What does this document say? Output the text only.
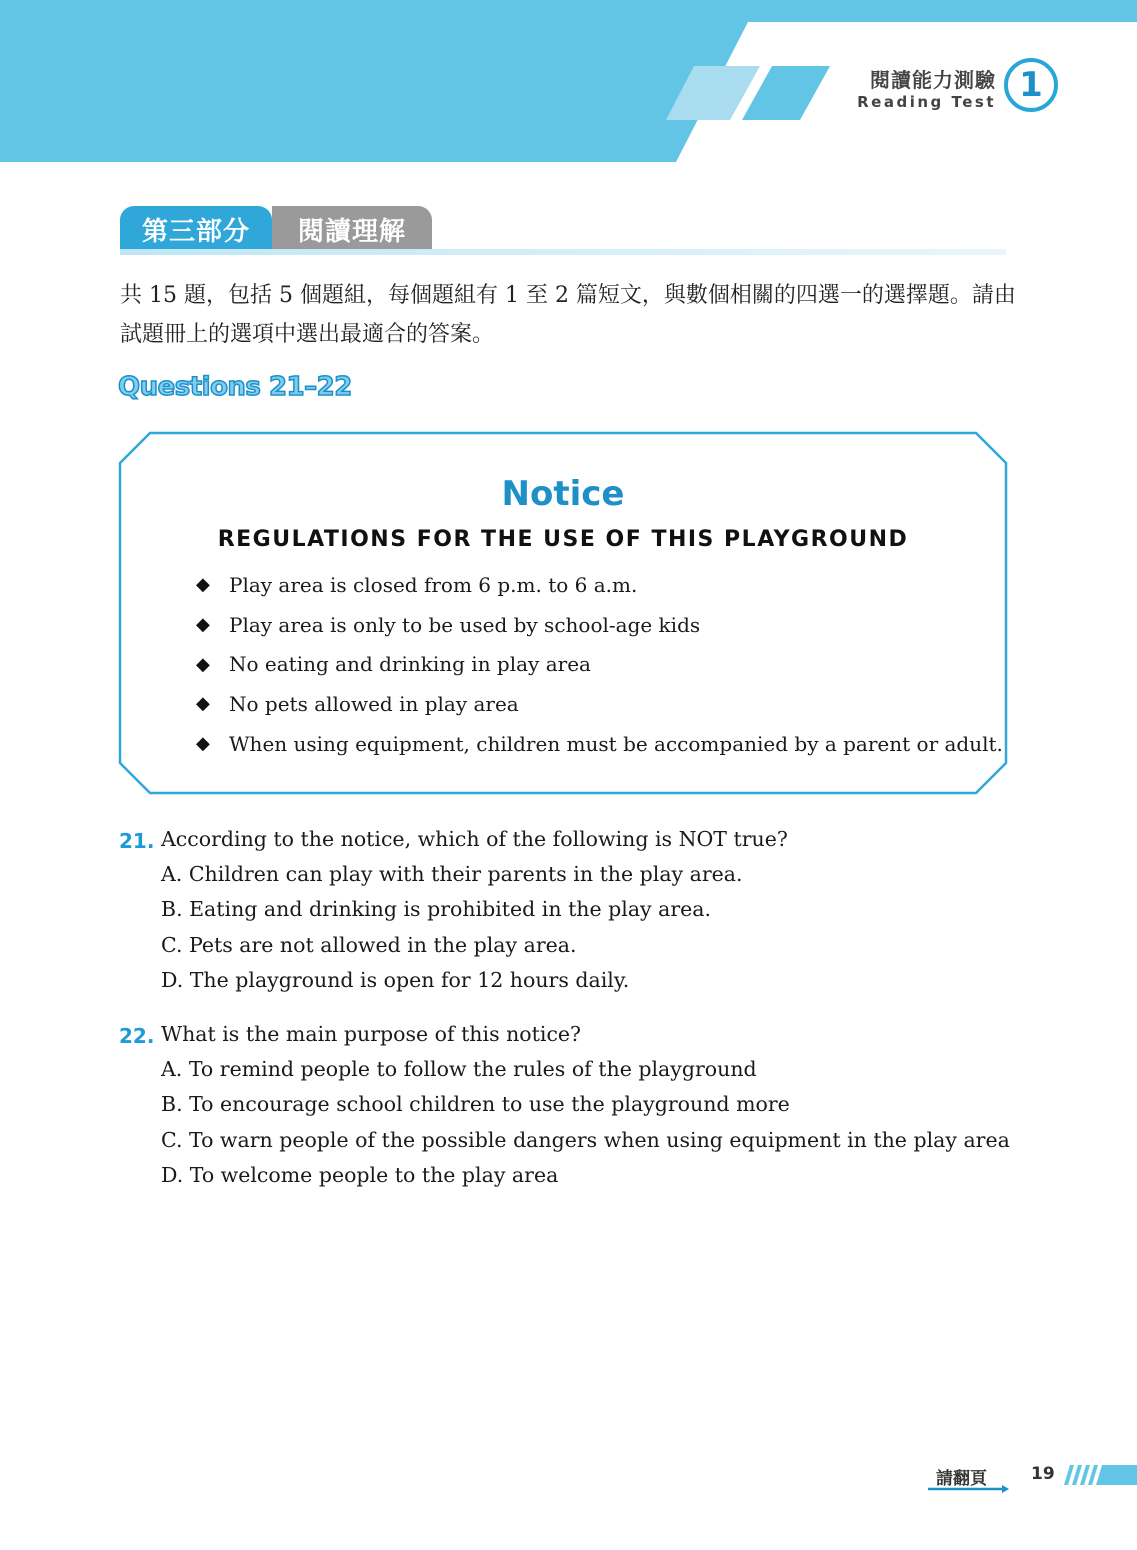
閱讀能力測驗
Reading Test 1
第三部分	閱讀理解
共 15 題，包括 5 個題組，每個題組有 1 至 2 篇短文，與數個相關的四選一的選擇題。請由試題冊上的選項中選出最適合的答案。
Questions 21–22
Notice
REGULATIONS FOR THE USE OF THIS PLAYGROUND
◆ Play area is closed from 6 p.m. to 6 a.m.
◆ Play area is only to be used by school-age kids
◆ No eating and drinking in play area
◆ No pets allowed in play area
◆ When using equipment, children must be accompanied by a parent or adult.
21. According to the notice, which of the following is NOT true?
A. Children can play with their parents in the play area.
B. Eating and drinking is prohibited in the play area.
C. Pets are not allowed in the play area.
D. The playground is open for 12 hours daily.
22. What is the main purpose of this notice?
A. To remind people to follow the rules of the playground
B. To encourage school children to use the playground more
C. To warn people of the possible dangers when using equipment in the play area
D. To welcome people to the play area
請翻頁	19
